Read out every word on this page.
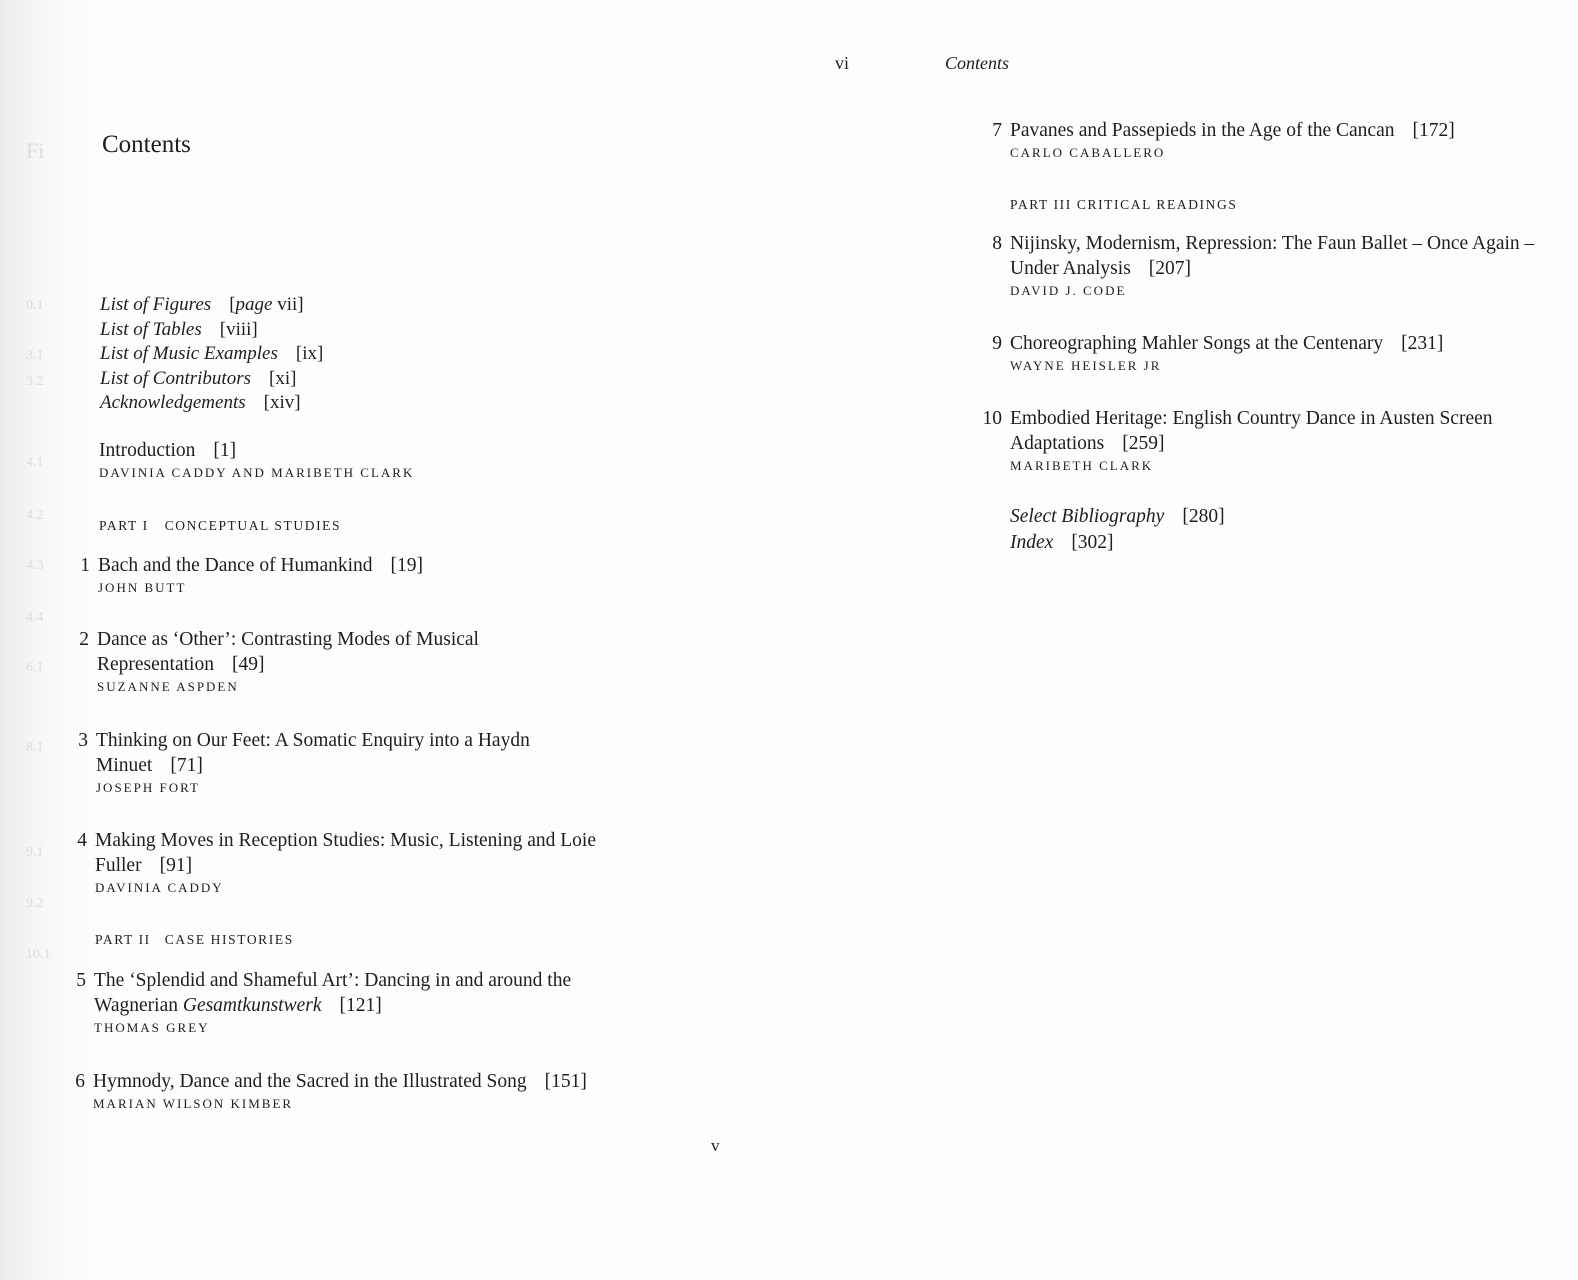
Fi
0.1
3.1
3.2
4.1
4.2
4.3
4.4
6.1
8.1
9.1
9.2
10.1
Contents
List of Figures [page vii]
List of Tables [viii]
List of Music Examples [ix]
List of Contributors [xi]
Acknowledgements [xiv]
Introduction [1]
DAVINIA CADDY AND MARIBETH CLARK
PART I CONCEPTUAL STUDIES
1 Bach and the Dance of Humankind [19]
JOHN BUTT
2 Dance as ‘Other’: Contrasting Modes of Musical
Representation [49]
SUZANNE ASPDEN
3 Thinking on Our Feet: A Somatic Enquiry into a Haydn
Minuet [71]
JOSEPH FORT
4 Making Moves in Reception Studies: Music, Listening and Loie
Fuller [91]
DAVINIA CADDY
PART II CASE HISTORIES
5 The ‘Splendid and Shameful Art’: Dancing in and around the
Wagnerian Gesamtkunstwerk [121]
THOMAS GREY
6 Hymnody, Dance and the Sacred in the Illustrated Song [151]
MARIAN WILSON KIMBER
v
vi	Contents
7 Pavanes and Passepieds in the Age of the Cancan [172]
CARLO CABALLERO
PART III CRITICAL READINGS
8 Nijinsky, Modernism, Repression: The Faun Ballet – Once Again –
Under Analysis [207]
DAVID J. CODE
9 Choreographing Mahler Songs at the Centenary [231]
WAYNE HEISLER JR
10 Embodied Heritage: English Country Dance in Austen Screen
Adaptations [259]
MARIBETH CLARK
Select Bibliography [280]
Index [302]
